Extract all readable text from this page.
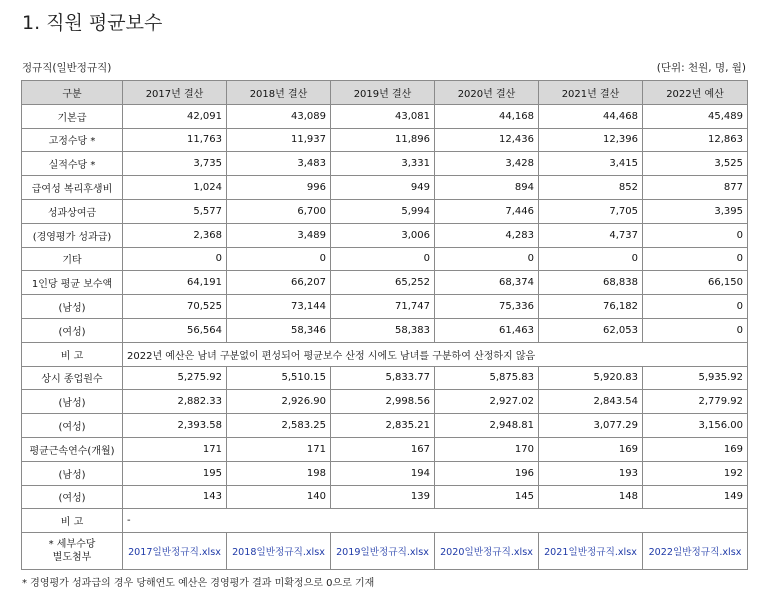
1. 직원 평균보수
정규직(일반정규직)	(단위: 천원, 명, 월)
구분	2017년 결산	2018년 결산	2019년 결산	2020년 결산	2021년 결산	2022년 예산
기본급	42,091	43,089	43,081	44,168	44,468	45,489
고정수당 *	11,763	11,937	11,896	12,436	12,396	12,863
실적수당 *	3,735	3,483	3,331	3,428	3,415	3,525
급여성 복리후생비	1,024	996	949	894	852	877
성과상여금	5,577	6,700	5,994	7,446	7,705	3,395
(경영평가 성과급)	2,368	3,489	3,006	4,283	4,737	0
기타	0	0	0	0	0	0
1인당 평균 보수액	64,191	66,207	65,252	68,374	68,838	66,150
(남성)	70,525	73,144	71,747	75,336	76,182	0
(여성)	56,564	58,346	58,383	61,463	62,053	0
비 고	2022년 예산은 남녀 구분없이 편성되어 평균보수 산정 시에도 남녀를 구분하여 산정하지 않음					
상시 종업원수	5,275.92	5,510.15	5,833.77	5,875.83	5,920.83	5,935.92
(남성)	2,882.33	2,926.90	2,998.56	2,927.02	2,843.54	2,779.92
(여성)	2,393.58	2,583.25	2,835.21	2,948.81	3,077.29	3,156.00
평균근속연수(개월)	171	171	167	170	169	169
(남성)	195	198	194	196	193	192
(여성)	143	140	139	145	148	149
비 고	-					

* 세부수당
별도첨부	2017일반정규직.xlsx	2018일반정규직.xlsx	2019일반정규직.xlsx	2020일반정규직.xlsx	2021일반정규직.xlsx	2022일반정규직.xlsx
* 경영평가 성과급의 경우 당해연도 예산은 경영평가 결과 미확정으로 0으로 기재
